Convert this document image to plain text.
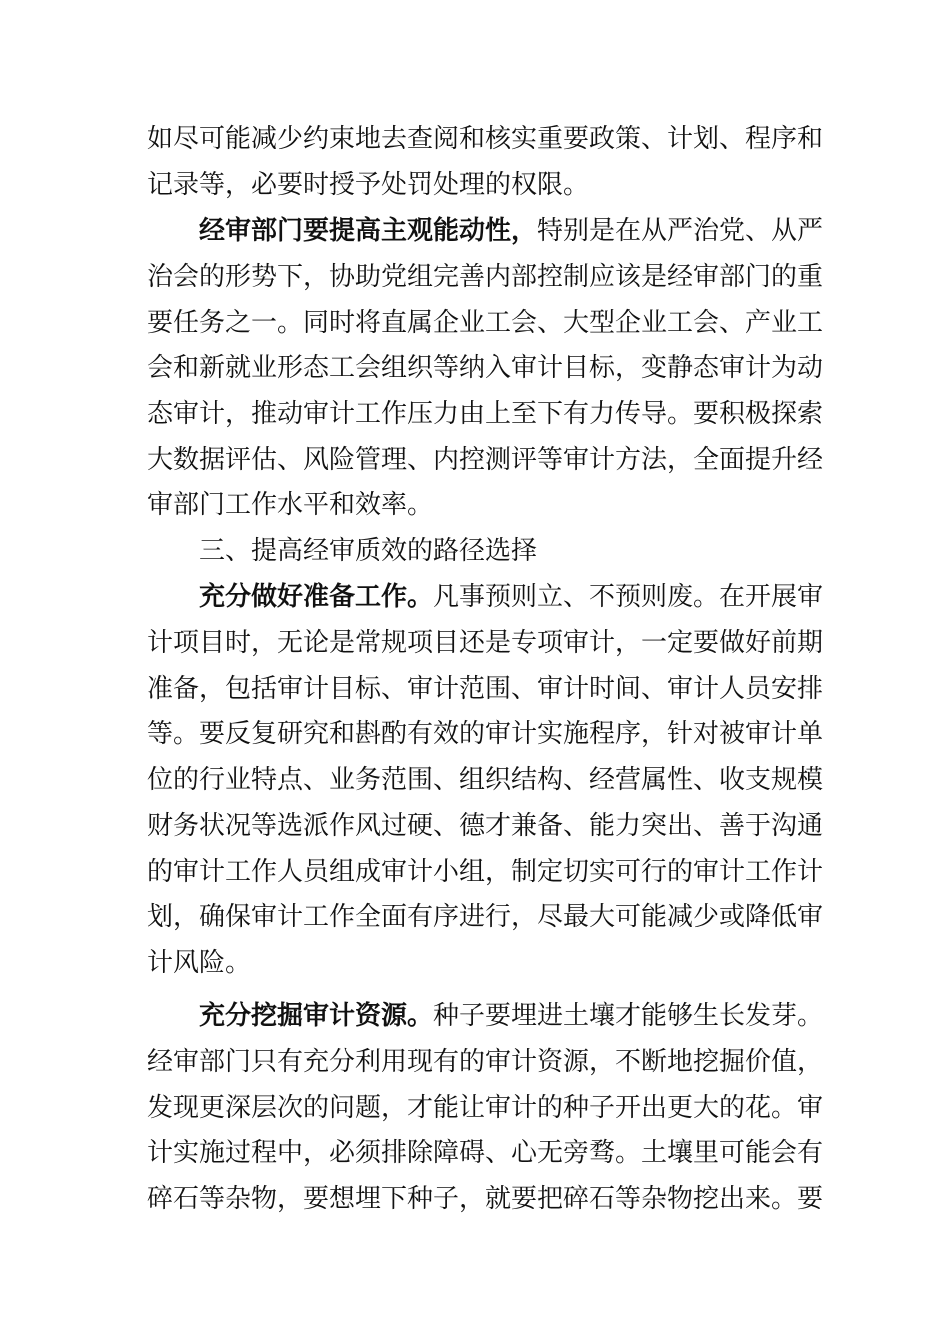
如尽可能减少约束地去查阅和核实重要政策、计划、程序和
记录等，必要时授予处罚处理的权限。
经审部门要提高主观能动性，特别是在从严治党、从严
治会的形势下，协助党组完善内部控制应该是经审部门的重
要任务之一。同时将直属企业工会、大型企业工会、产业工
会和新就业形态工会组织等纳入审计目标，变静态审计为动
态审计，推动审计工作压力由上至下有力传导。要积极探索
大数据评估、风险管理、内控测评等审计方法，全面提升经
审部门工作水平和效率。
三、提高经审质效的路径选择
充分做好准备工作。凡事预则立、不预则废。在开展审
计项目时，无论是常规项目还是专项审计，一定要做好前期
准备，包括审计目标、审计范围、审计时间、审计人员安排
等。要反复研究和斟酌有效的审计实施程序，针对被审计单
位的行业特点、业务范围、组织结构、经营属性、收支规模
财务状况等选派作风过硬、德才兼备、能力突出、善于沟通
的审计工作人员组成审计小组，制定切实可行的审计工作计
划，确保审计工作全面有序进行，尽最大可能减少或降低审
计风险。
充分挖掘审计资源。种子要埋进土壤才能够生长发芽。
经审部门只有充分利用现有的审计资源，不断地挖掘价值，
发现更深层次的问题，才能让审计的种子开出更大的花。审
计实施过程中，必须排除障碍、心无旁骛。土壤里可能会有
碎石等杂物，要想埋下种子，就要把碎石等杂物挖出来。要
